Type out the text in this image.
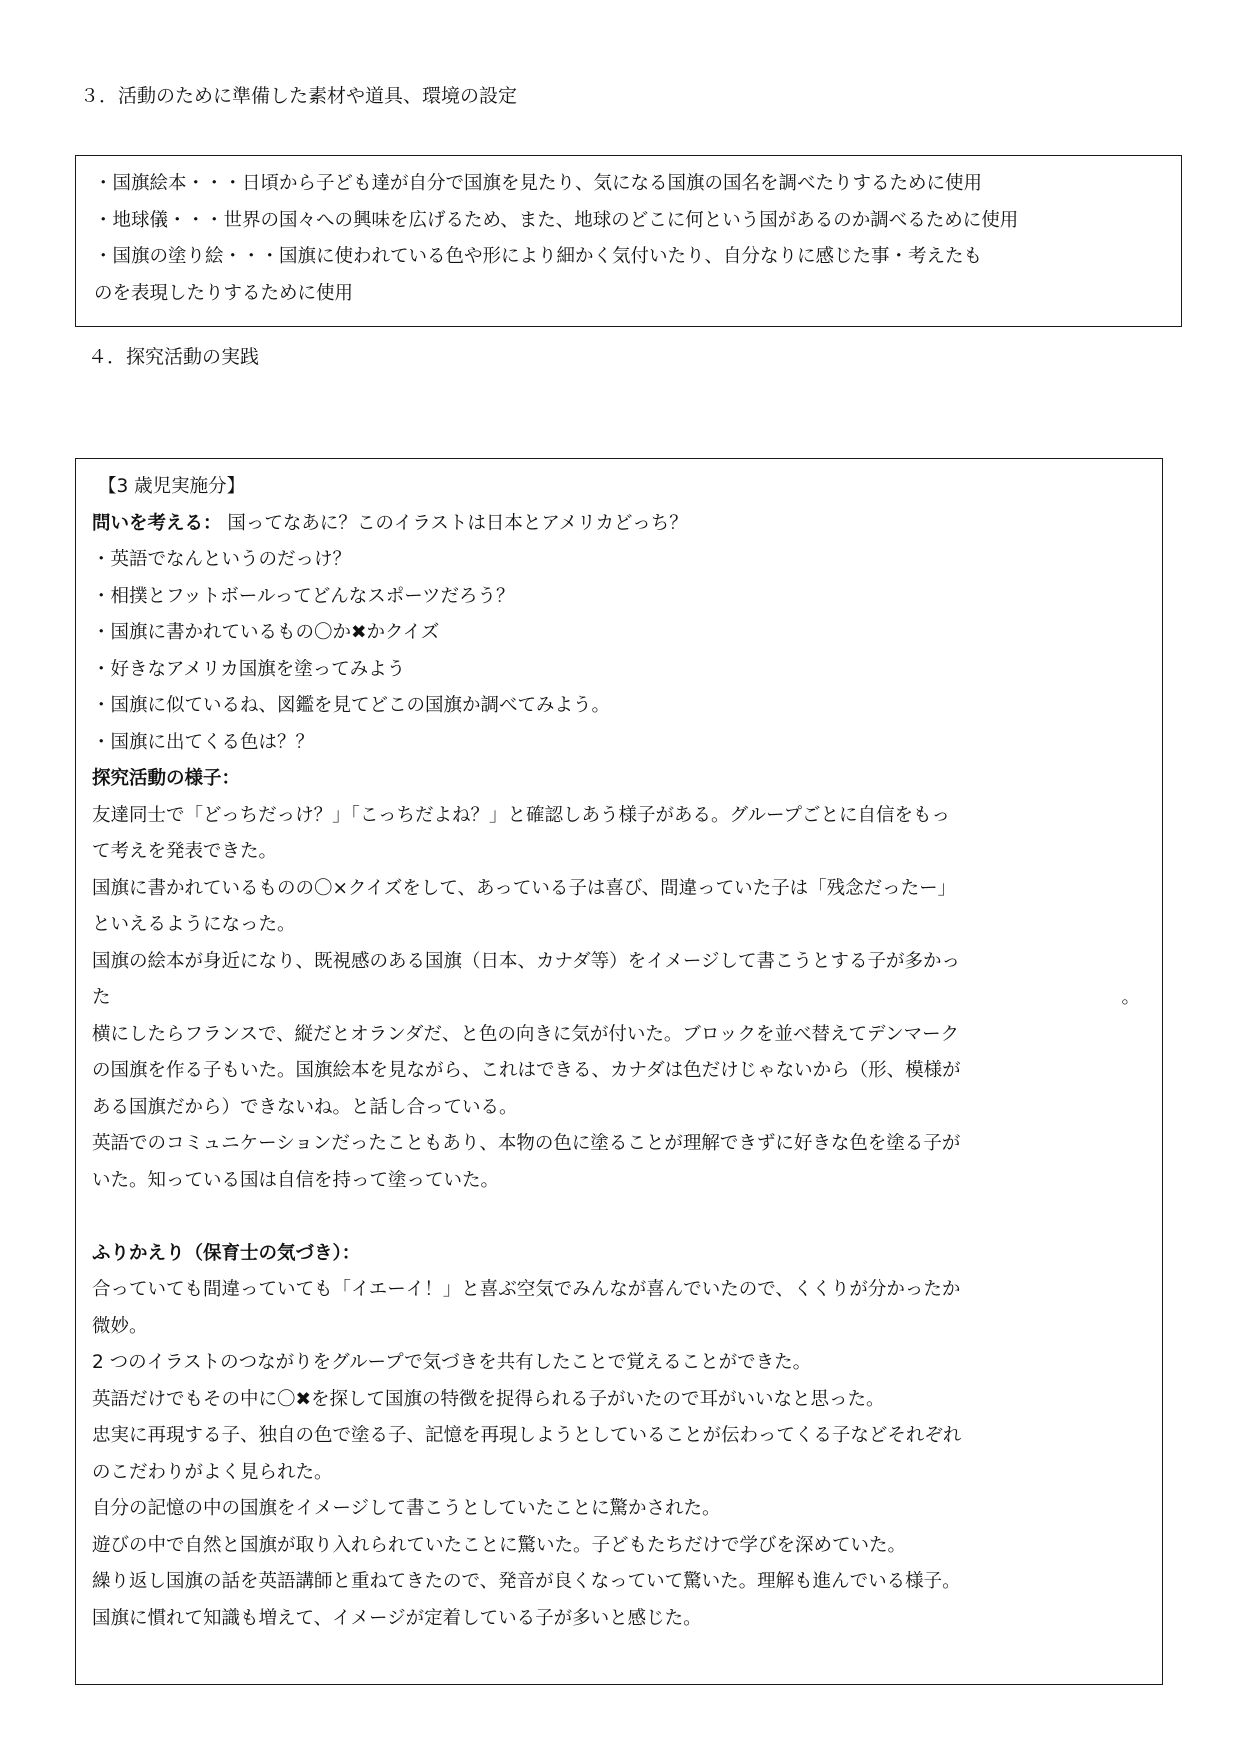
３．活動のために準備した素材や道具、環境の設定
・国旗絵本・・・日頃から子ども達が自分で国旗を見たり、気になる国旗の国名を調べたりするために使用
・地球儀・・・世界の国々への興味を広げるため、また、地球のどこに何という国があるのか調べるために使用
・国旗の塗り絵・・・国旗に使われている色や形により細かく気付いたり、自分なりに感じた事・考えたも
のを表現したりするために使用
４．探究活動の実践
【3 歳児実施分】
問いを考える： 国ってなあに？このイラストは日本とアメリカどっち？
・英語でなんというのだっけ？
・相撲とフットボールってどんなスポーツだろう？
・国旗に書かれているもの〇か✖かクイズ
・好きなアメリカ国旗を塗ってみよう
・国旗に似ているね、図鑑を見てどこの国旗か調べてみよう。
・国旗に出てくる色は？？
探究活動の様子：
友達同士で「どっちだっけ？」「こっちだよね？」と確認しあう様子がある。グループごとに自信をもっ
て考えを発表できた。
国旗に書かれているものの〇×クイズをして、あっている子は喜び、間違っていた子は「残念だったー」
といえるようになった。
国旗の絵本が身近になり、既視感のある国旗（日本、カナダ等）をイメージして書こうとする子が多かっ
た	。
横にしたらフランスで、縦だとオランダだ、と色の向きに気が付いた。ブロックを並べ替えてデンマーク
の国旗を作る子もいた。国旗絵本を見ながら、これはできる、カナダは色だけじゃないから（形、模様が
ある国旗だから）できないね。と話し合っている。
英語でのコミュニケーションだったこともあり、本物の色に塗ることが理解できずに好きな色を塗る子が
いた。知っている国は自信を持って塗っていた。
ふりかえり（保育士の気づき）：
合っていても間違っていても「イエーイ！」と喜ぶ空気でみんなが喜んでいたので、くくりが分かったか
微妙。
2 つのイラストのつながりをグループで気づきを共有したことで覚えることができた。
英語だけでもその中に〇✖を探して国旗の特徴を捉得られる子がいたので耳がいいなと思った。
忠実に再現する子、独自の色で塗る子、記憶を再現しようとしていることが伝わってくる子などそれぞれ
のこだわりがよく見られた。
自分の記憶の中の国旗をイメージして書こうとしていたことに驚かされた。
遊びの中で自然と国旗が取り入れられていたことに驚いた。子どもたちだけで学びを深めていた。
繰り返し国旗の話を英語講師と重ねてきたので、発音が良くなっていて驚いた。理解も進んでいる様子。
国旗に慣れて知識も増えて、イメージが定着している子が多いと感じた。
